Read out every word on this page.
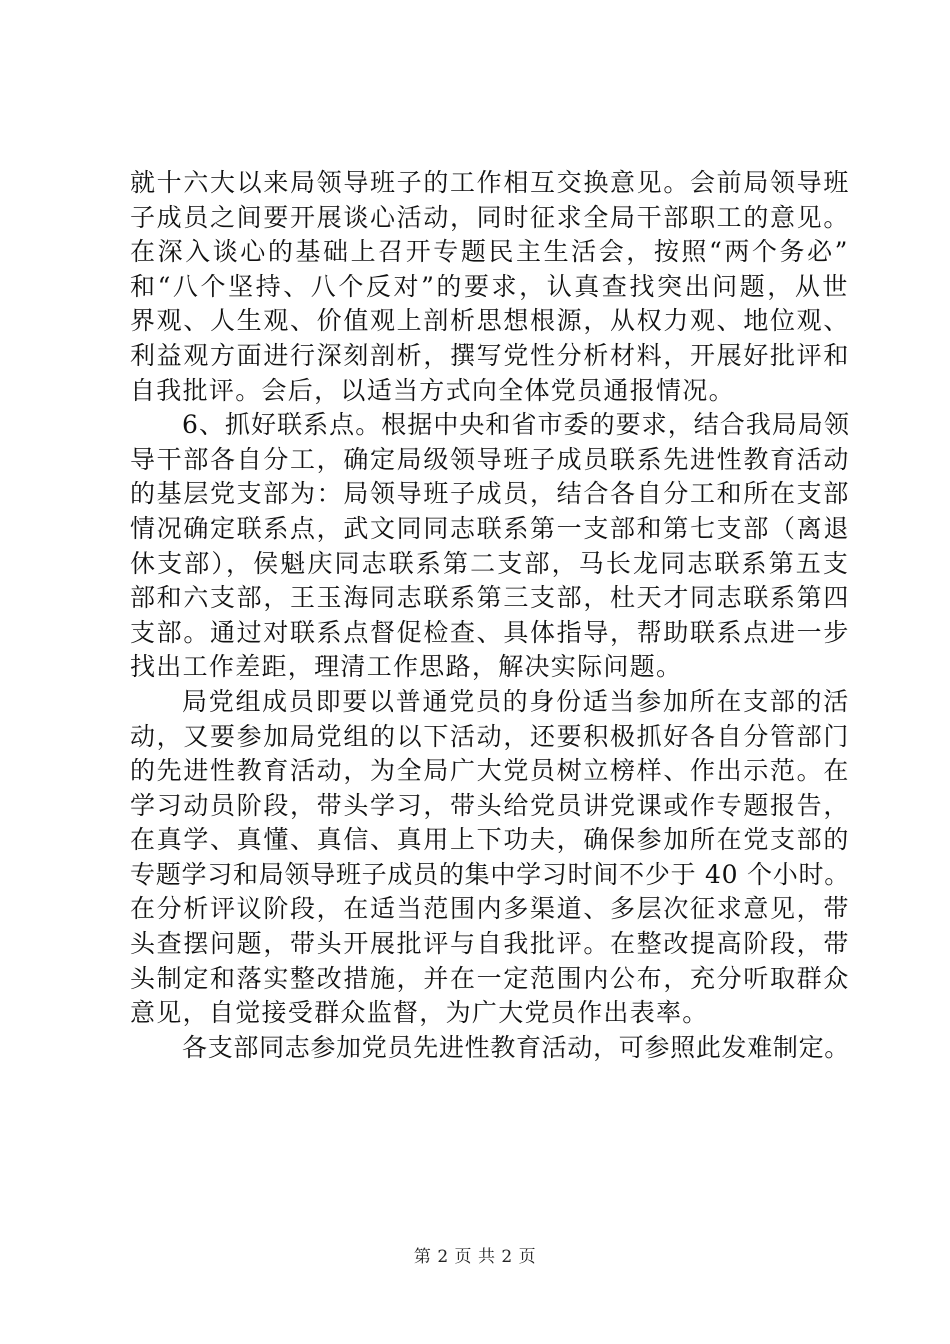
就十六大以来局领导班子的工作相互交换意见。会前局领导班
子成员之间要开展谈心活动，同时征求全局干部职工的意见。
在深入谈心的基础上召开专题民主生活会，按照“两个务必”
和“八个坚持、八个反对”的要求，认真查找突出问题，从世
界观、人生观、价值观上剖析思想根源，从权力观、地位观、
利益观方面进行深刻剖析，撰写党性分析材料，开展好批评和
自我批评。会后，以适当方式向全体党员通报情况。
6、抓好联系点。根据中央和省市委的要求，结合我局局领
导干部各自分工，确定局级领导班子成员联系先进性教育活动
的基层党支部为：局领导班子成员，结合各自分工和所在支部
情况确定联系点，武文同同志联系第一支部和第七支部（离退
休支部），侯魁庆同志联系第二支部，马长龙同志联系第五支
部和六支部，王玉海同志联系第三支部，杜天才同志联系第四
支部。通过对联系点督促检查、具体指导，帮助联系点进一步
找出工作差距，理清工作思路，解决实际问题。
局党组成员即要以普通党员的身份适当参加所在支部的活
动，又要参加局党组的以下活动，还要积极抓好各自分管部门
的先进性教育活动，为全局广大党员树立榜样、作出示范。在
学习动员阶段，带头学习，带头给党员讲党课或作专题报告，
在真学、真懂、真信、真用上下功夫，确保参加所在党支部的
专题学习和局领导班子成员的集中学习时间不少于 40 个小时。
在分析评议阶段，在适当范围内多渠道、多层次征求意见，带
头查摆问题，带头开展批评与自我批评。在整改提高阶段，带
头制定和落实整改措施，并在一定范围内公布，充分听取群众
意见，自觉接受群众监督，为广大党员作出表率。
各支部同志参加党员先进性教育活动，可参照此发难制定。
第 2 页 共 2 页
